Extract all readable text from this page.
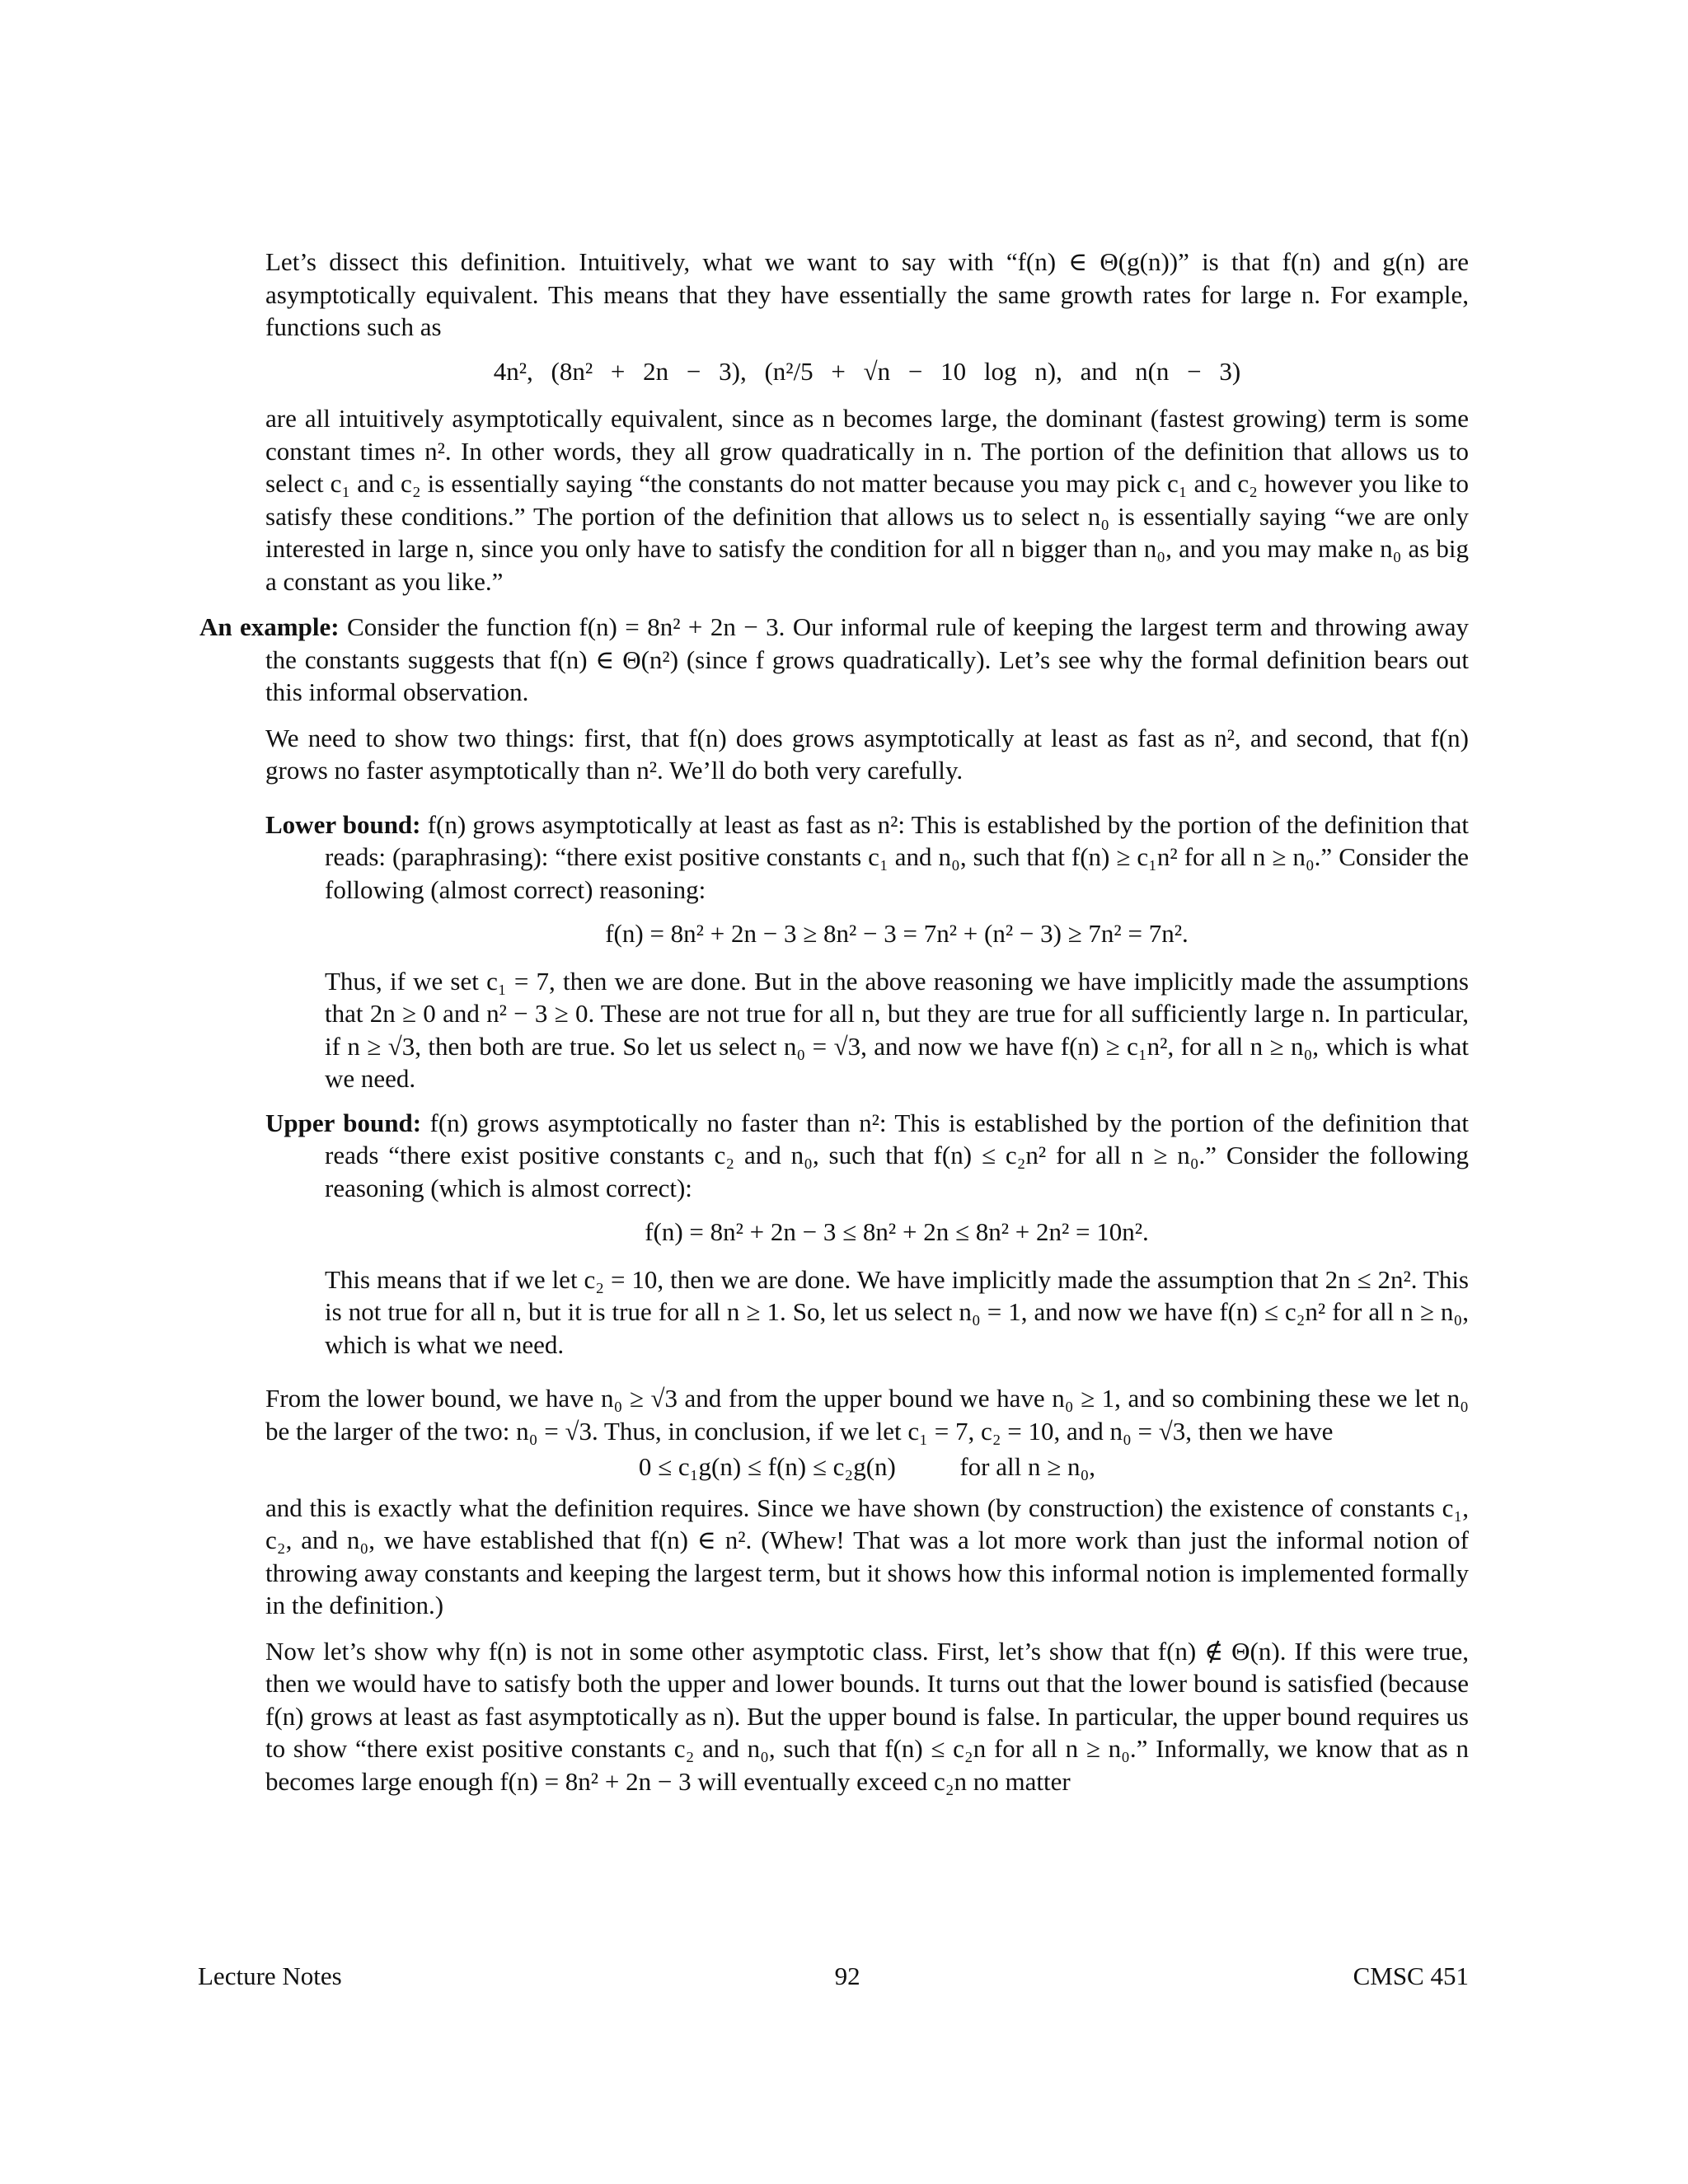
Let’s dissect this definition. Intuitively, what we want to say with “f(n) ∈ Θ(g(n))” is that f(n) and g(n) are asymptotically equivalent. This means that they have essentially the same growth rates for large n. For example, functions such as

4n², (8n² + 2n − 3), (n²/5 + √n − 10 log n), and n(n − 3)

are all intuitively asymptotically equivalent, since as n becomes large, the dominant (fastest growing) term is some constant times n². In other words, they all grow quadratically in n. The portion of the definition that allows us to select c₁ and c₂ is essentially saying “the constants do not matter because you may pick c₁ and c₂ however you like to satisfy these conditions.” The portion of the definition that allows us to select n₀ is essentially saying “we are only interested in large n, since you only have to satisfy the condition for all n bigger than n₀, and you may make n₀ as big a constant as you like.”

An example: Consider the function f(n) = 8n² + 2n − 3. Our informal rule of keeping the largest term and throwing away the constants suggests that f(n) ∈ Θ(n²) (since f grows quadratically). Let’s see why the formal definition bears out this informal observation.

We need to show two things: first, that f(n) does grows asymptotically at least as fast as n², and second, that f(n) grows no faster asymptotically than n². We’ll do both very carefully.

Lower bound: f(n) grows asymptotically at least as fast as n²: This is established by the portion of the definition that reads: (paraphrasing): “there exist positive constants c₁ and n₀, such that f(n) ≥ c₁n² for all n ≥ n₀.” Consider the following (almost correct) reasoning:

f(n) = 8n² + 2n − 3 ≥ 8n² − 3 = 7n² + (n² − 3) ≥ 7n² = 7n².

Thus, if we set c₁ = 7, then we are done. But in the above reasoning we have implicitly made the assumptions that 2n ≥ 0 and n² − 3 ≥ 0. These are not true for all n, but they are true for all sufficiently large n. In particular, if n ≥ √3, then both are true. So let us select n₀ = √3, and now we have f(n) ≥ c₁n², for all n ≥ n₀, which is what we need.

Upper bound: f(n) grows asymptotically no faster than n²: This is established by the portion of the definition that reads “there exist positive constants c₂ and n₀, such that f(n) ≤ c₂n² for all n ≥ n₀.” Consider the following reasoning (which is almost correct):

f(n) = 8n² + 2n − 3 ≤ 8n² + 2n ≤ 8n² + 2n² = 10n².

This means that if we let c₂ = 10, then we are done. We have implicitly made the assumption that 2n ≤ 2n². This is not true for all n, but it is true for all n ≥ 1. So, let us select n₀ = 1, and now we have f(n) ≤ c₂n² for all n ≥ n₀, which is what we need.

From the lower bound, we have n₀ ≥ √3 and from the upper bound we have n₀ ≥ 1, and so combining these we let n₀ be the larger of the two: n₀ = √3. Thus, in conclusion, if we let c₁ = 7, c₂ = 10, and n₀ = √3, then we have

0 ≤ c₁g(n) ≤ f(n) ≤ c₂g(n)          for all n ≥ n₀,

and this is exactly what the definition requires. Since we have shown (by construction) the existence of constants c₁, c₂, and n₀, we have established that f(n) ∈ n². (Whew! That was a lot more work than just the informal notion of throwing away constants and keeping the largest term, but it shows how this informal notion is implemented formally in the definition.)

Now let’s show why f(n) is not in some other asymptotic class. First, let’s show that f(n) ∉ Θ(n). If this were true, then we would have to satisfy both the upper and lower bounds. It turns out that the lower bound is satisfied (because f(n) grows at least as fast asymptotically as n). But the upper bound is false. In particular, the upper bound requires us to show “there exist positive constants c₂ and n₀, such that f(n) ≤ c₂n for all n ≥ n₀.” Informally, we know that as n becomes large enough f(n) = 8n² + 2n − 3 will eventually exceed c₂n no matter

Lecture Notes	92	CMSC 451
